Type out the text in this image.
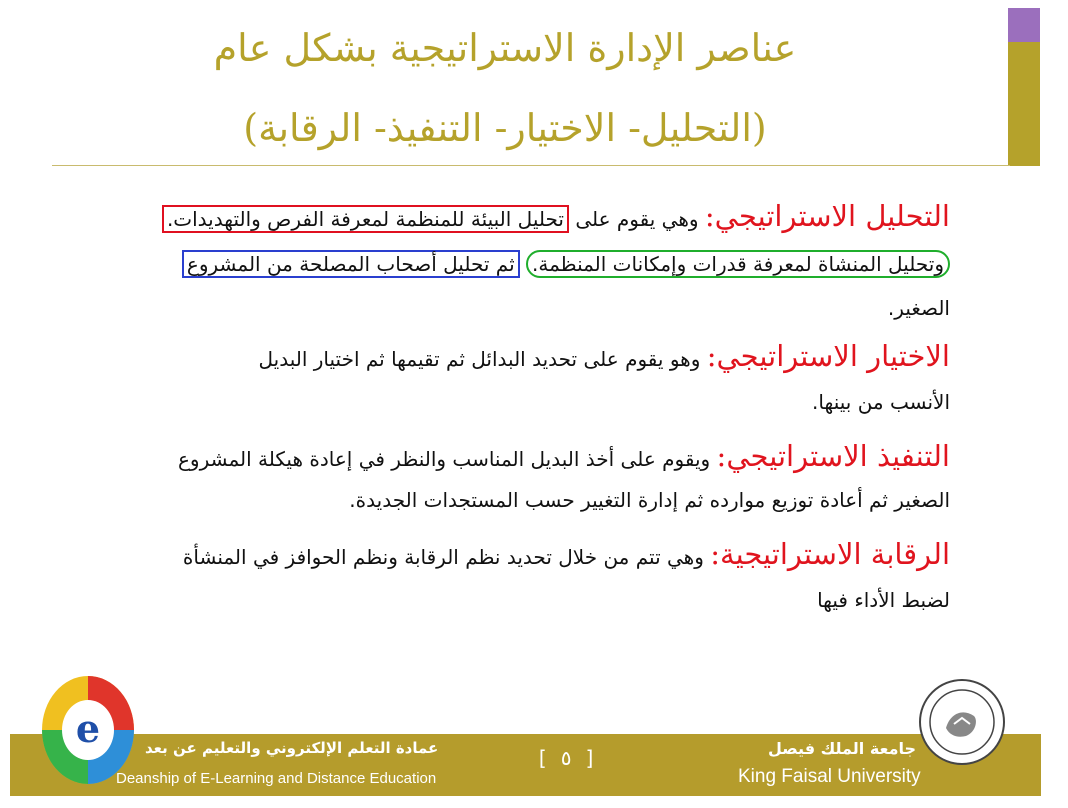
عناصر الإدارة الاستراتيجية بشكل عام
(التحليل- الاختيار- التنفيذ- الرقابة)
التحليل الاستراتيجي: وهي يقوم على تحليل البيئة للمنظمة لمعرفة الفرص والتهديدات.
وتحليل المنشاة لمعرفة قدرات وإمكانات المنظمة. ثم تحليل أصحاب المصلحة من المشروع
الصغير.
الاختيار الاستراتيجي: وهو يقوم على تحديد البدائل ثم تقيمها ثم اختيار البديل
الأنسب من بينها.
التنفيذ الاستراتيجي: ويقوم على أخذ البديل المناسب والنظر في إعادة هيكلة المشروع
الصغير ثم أعادة توزيع موارده ثم إدارة التغيير حسب المستجدات الجديدة.
الرقابة الاستراتيجية: وهي تتم من خلال تحديد نظم الرقابة ونظم الحوافز في المنشأة
لضبط الأداء فيها
e	عمادة التعلم الإلكتروني والتعليم عن بعد
Deanship of E-Learning and Distance Education
[ ٥ ]	جامعة الملك فيصل
King Faisal University
